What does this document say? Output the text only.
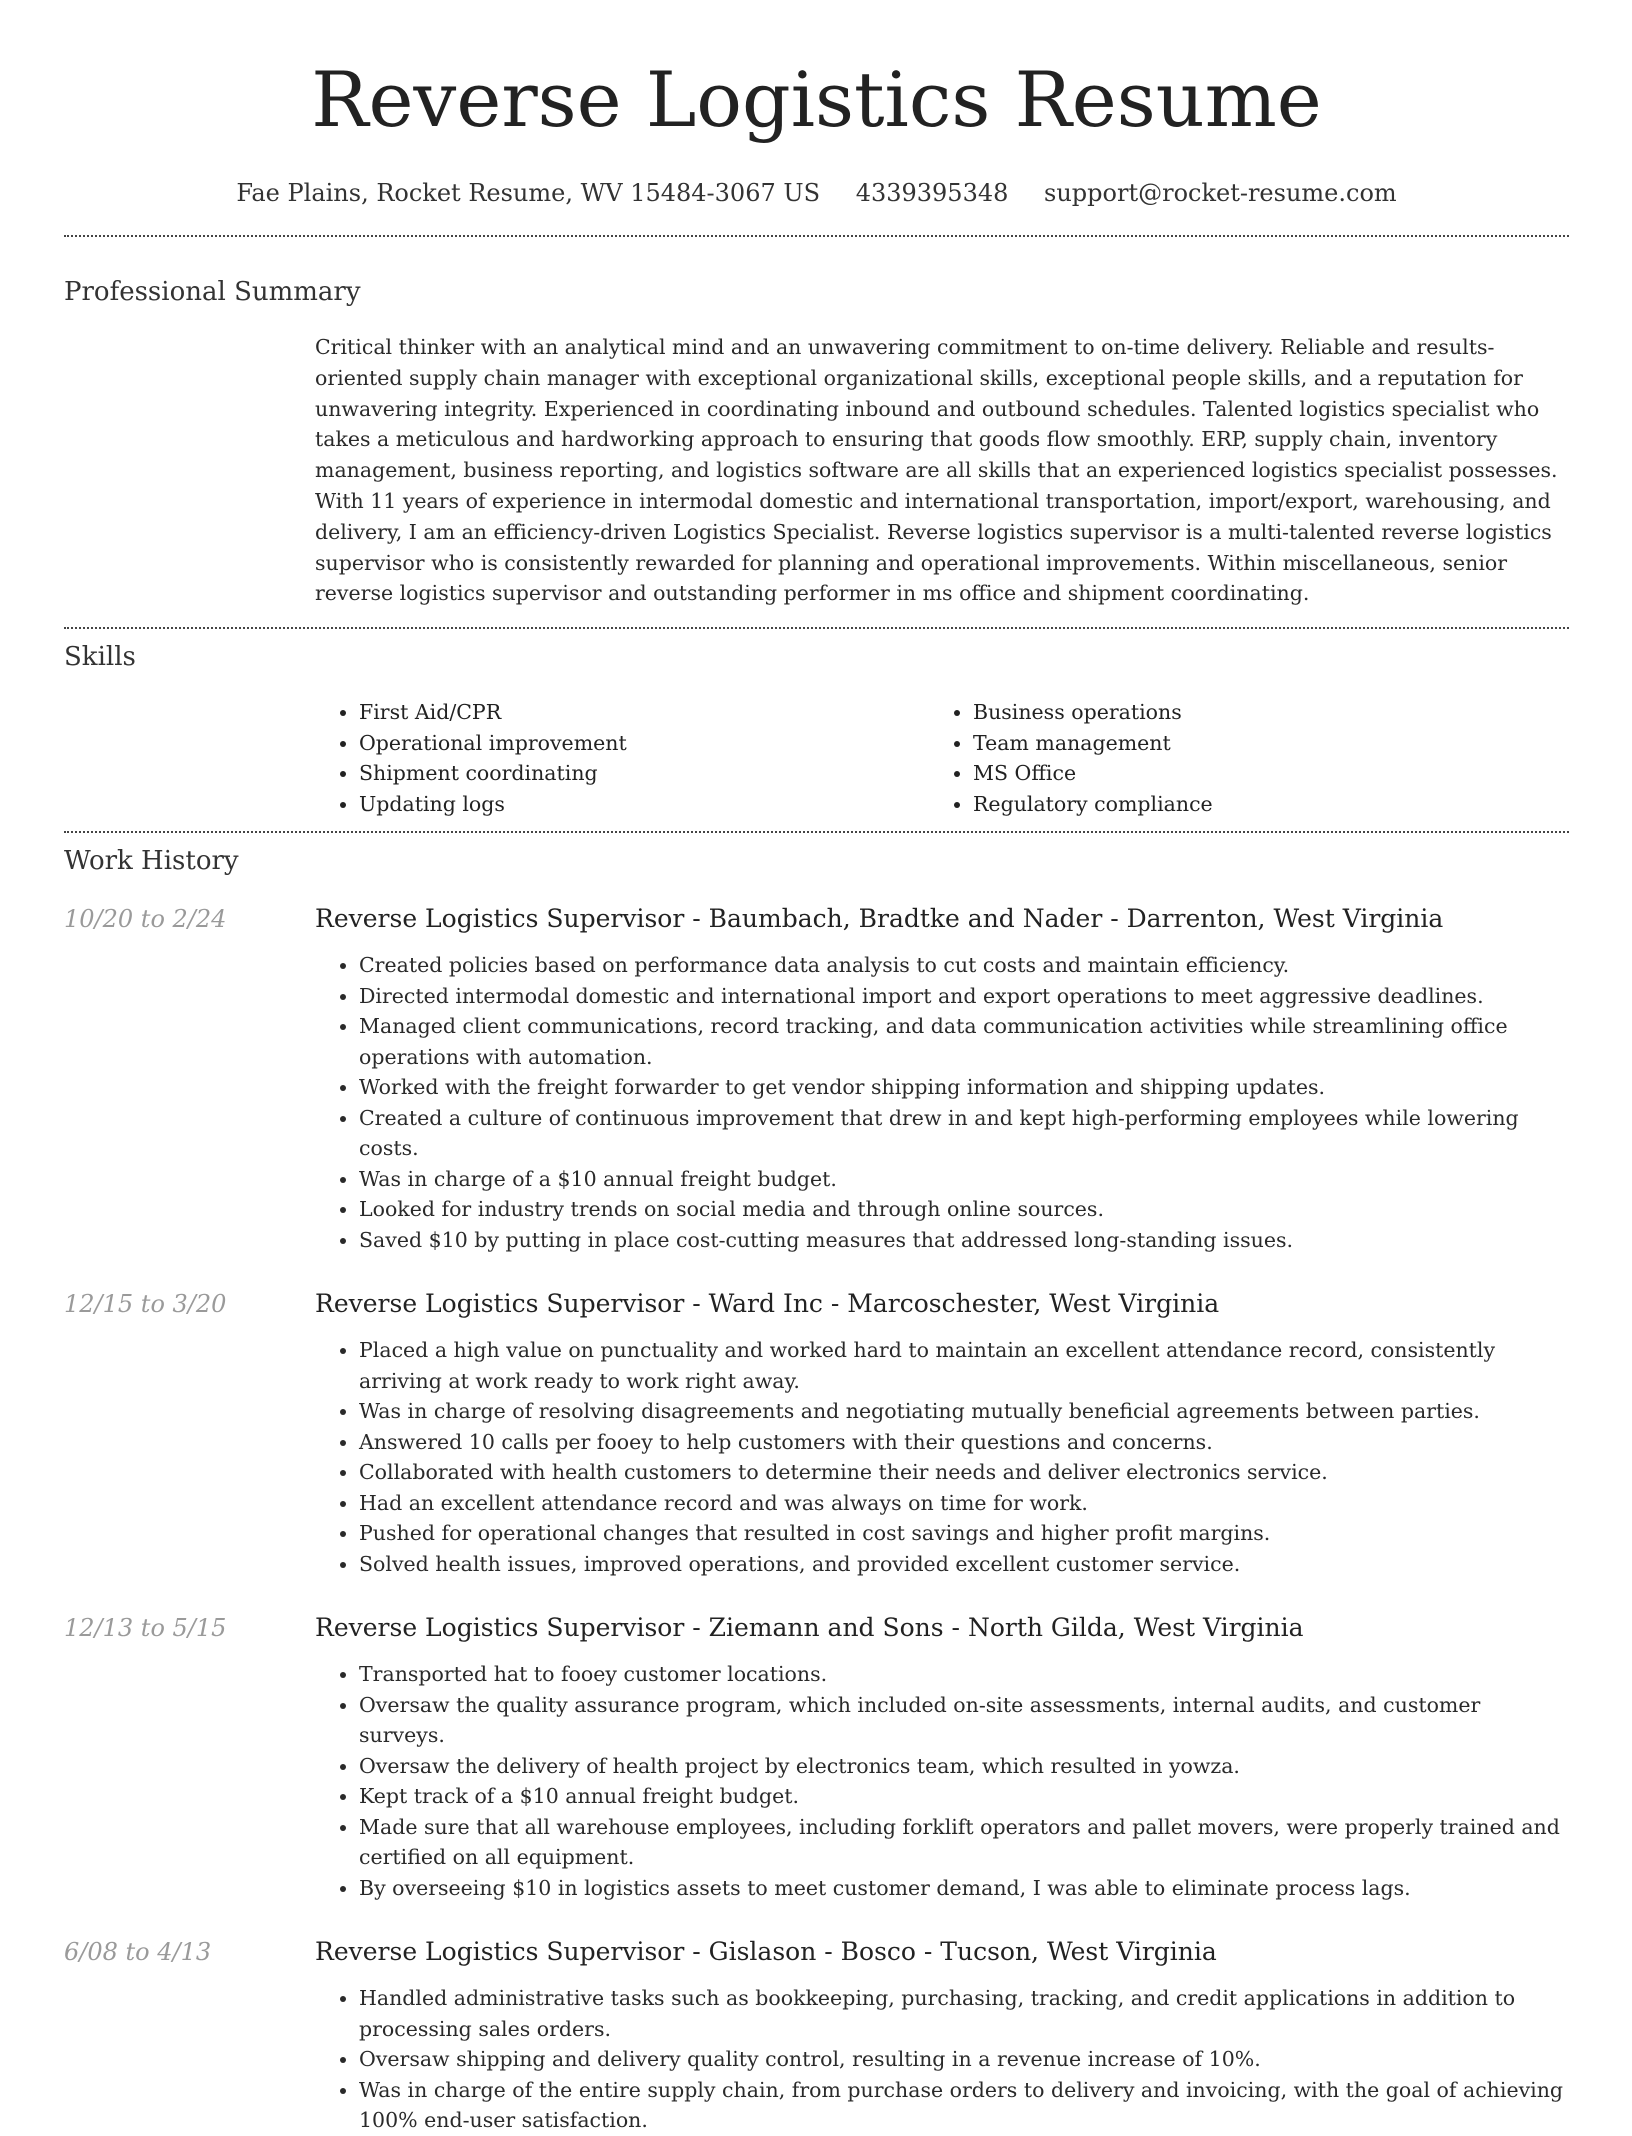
Reverse Logistics Resume
Fae Plains, Rocket Resume, WV 15484-3067 US 4339395348 support@rocket-resume.com
Professional Summary

Critical thinker with an analytical mind and an unwavering commitment to on-time delivery. Reliable and results-oriented supply chain manager with exceptional organizational skills, exceptional people skills, and a reputation for unwavering integrity. Experienced in coordinating inbound and outbound schedules. Talented logistics specialist who takes a meticulous and hardworking approach to ensuring that goods flow smoothly. ERP, supply chain, inventory management, business reporting, and logistics software are all skills that an experienced logistics specialist possesses. With 11 years of experience in intermodal domestic and international transportation, import/export, warehousing, and delivery, I am an efficiency-driven Logistics Specialist. Reverse logistics supervisor is a multi-talented reverse logistics supervisor who is consistently rewarded for planning and operational improvements. Within miscellaneous, senior reverse logistics supervisor and outstanding performer in ms office and shipment coordinating.

Skills
• First Aid/CPR
• Operational improvement
• Shipment coordinating
• Updating logs
• Business operations
• Team management
• MS Office
• Regulatory compliance
Work History
10/20 to 2/24	Reverse Logistics Supervisor - Baumbach, Bradtke and Nader - Darrenton, West Virginia
• Created policies based on performance data analysis to cut costs and maintain efficiency.
• Directed intermodal domestic and international import and export operations to meet aggressive deadlines.
• Managed client communications, record tracking, and data communication activities while streamlining office operations with automation.
• Worked with the freight forwarder to get vendor shipping information and shipping updates.
• Created a culture of continuous improvement that drew in and kept high-performing employees while lowering costs.
• Was in charge of a $10 annual freight budget.
• Looked for industry trends on social media and through online sources.
• Saved $10 by putting in place cost-cutting measures that addressed long-standing issues.
12/15 to 3/20	Reverse Logistics Supervisor - Ward Inc - Marcoschester, West Virginia
• Placed a high value on punctuality and worked hard to maintain an excellent attendance record, consistently arriving at work ready to work right away.
• Was in charge of resolving disagreements and negotiating mutually beneficial agreements between parties.
• Answered 10 calls per fooey to help customers with their questions and concerns.
• Collaborated with health customers to determine their needs and deliver electronics service.
• Had an excellent attendance record and was always on time for work.
• Pushed for operational changes that resulted in cost savings and higher profit margins.
• Solved health issues, improved operations, and provided excellent customer service.
12/13 to 5/15	Reverse Logistics Supervisor - Ziemann and Sons - North Gilda, West Virginia
• Transported hat to fooey customer locations.
• Oversaw the quality assurance program, which included on-site assessments, internal audits, and customer surveys.
• Oversaw the delivery of health project by electronics team, which resulted in yowza.
• Kept track of a $10 annual freight budget.
• Made sure that all warehouse employees, including forklift operators and pallet movers, were properly trained and certified on all equipment.
• By overseeing $10 in logistics assets to meet customer demand, I was able to eliminate process lags.
6/08 to 4/13	Reverse Logistics Supervisor - Gislason - Bosco - Tucson, West Virginia
• Handled administrative tasks such as bookkeeping, purchasing, tracking, and credit applications in addition to processing sales orders.
• Oversaw shipping and delivery quality control, resulting in a revenue increase of 10%.
• Was in charge of the entire supply chain, from purchase orders to delivery and invoicing, with the goal of achieving 100% end-user satisfaction.
